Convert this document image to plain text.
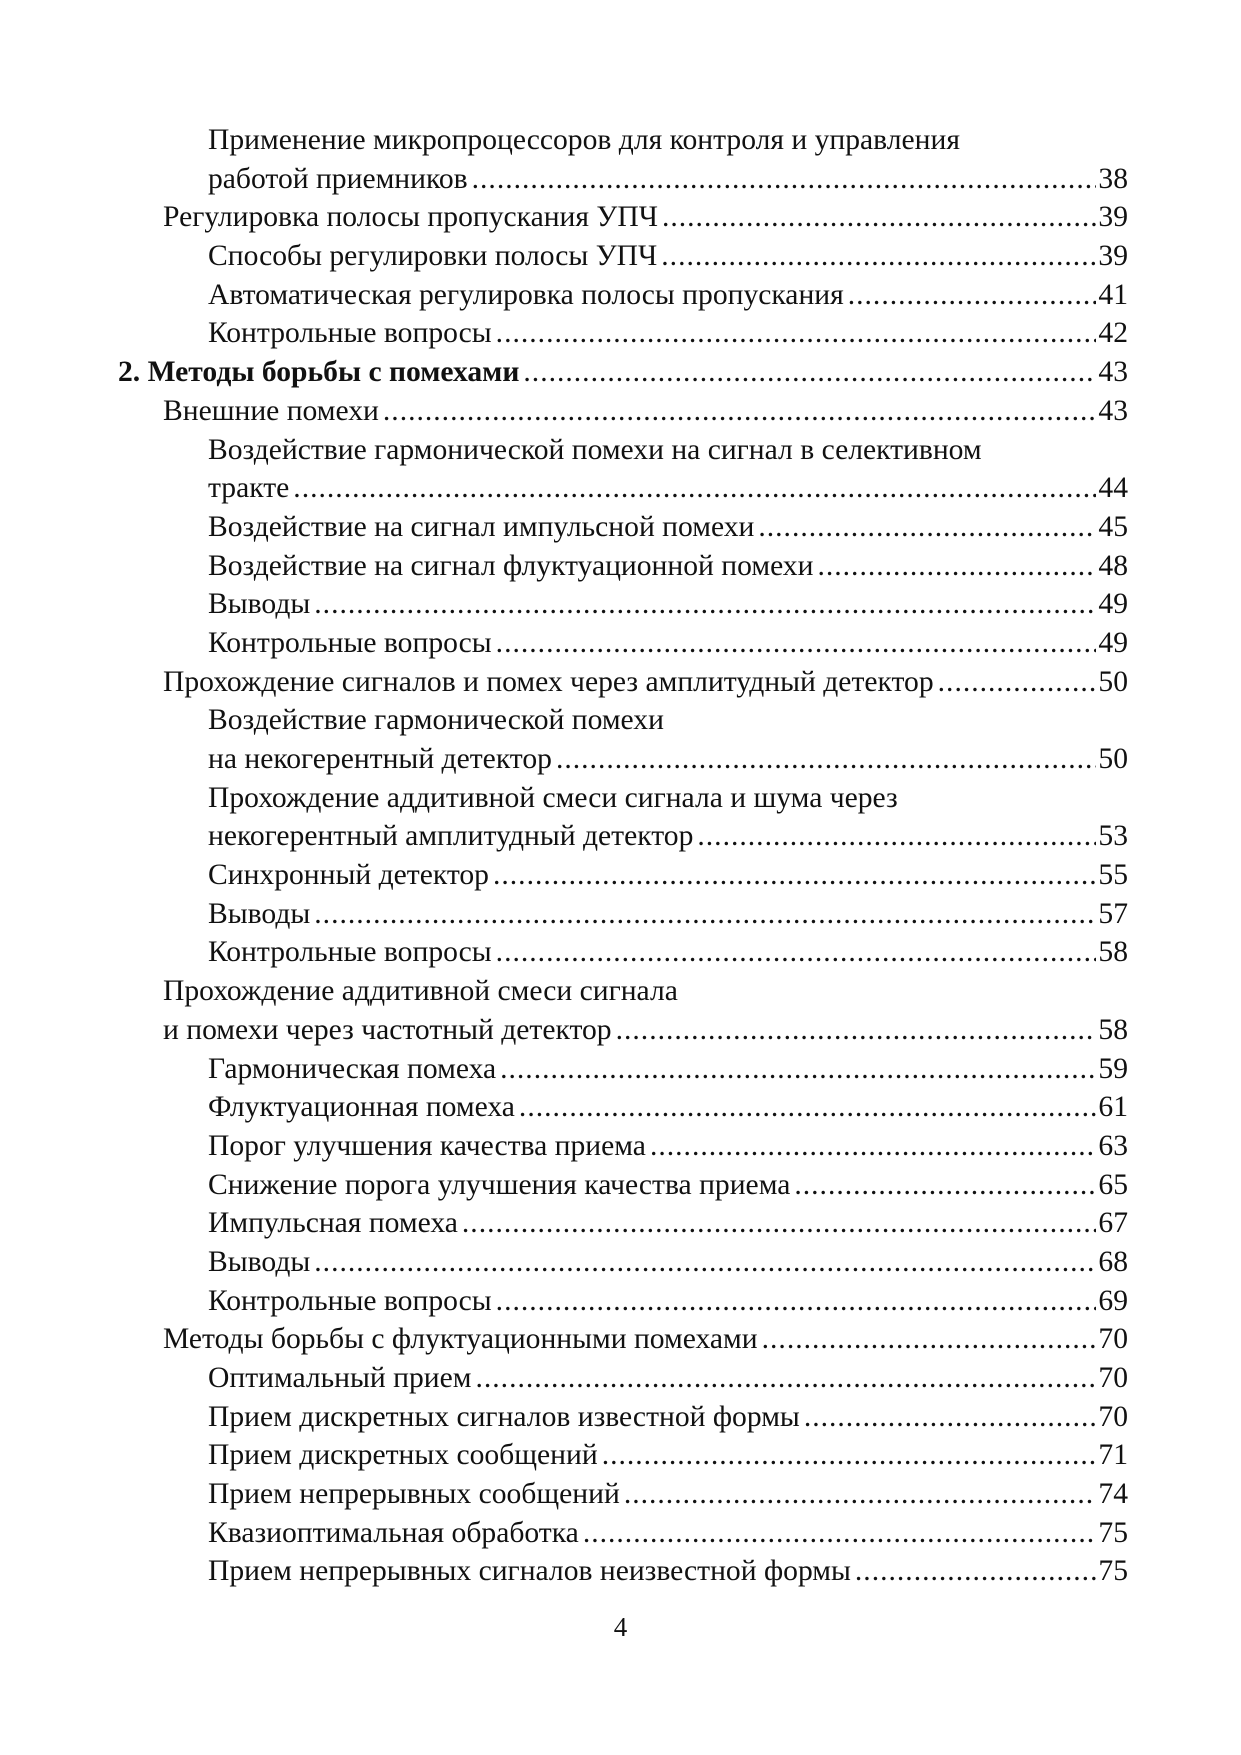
Применение микропроцессоров для контроля и управления
работой приемников .....	38
Регулировка полосы пропускания УПЧ .....	39
Способы регулировки полосы УПЧ .....	39
Автоматическая регулировка полосы пропускания .....	41
Контрольные вопросы .....	42
2. Методы борьбы с помехами .....	43
Внешние помехи .....	43
Воздействие гармонической помехи на сигнал в селективном
тракте .....	44
Воздействие на сигнал импульсной помехи .....	45
Воздействие на сигнал флуктуационной помехи .....	48
Выводы .....	49
Контрольные вопросы .....	49
Прохождение сигналов и помех через амплитудный детектор .....	50
Воздействие гармонической помехи
на некогерентный детектор .....	50
Прохождение аддитивной смеси сигнала и шума через
некогерентный амплитудный детектор .....	53
Синхронный детектор .....	55
Выводы .....	57
Контрольные вопросы .....	58
Прохождение аддитивной смеси сигнала
и помехи через частотный детектор .....	58
Гармоническая помеха .....	59
Флуктуационная помеха .....	61
Порог улучшения качества приема .....	63
Снижение порога улучшения качества приема .....	65
Импульсная помеха .....	67
Выводы .....	68
Контрольные вопросы .....	69
Методы борьбы с флуктуационными помехами .....	70
Оптимальный прием .....	70
Прием дискретных сигналов известной формы .....	70
Прием дискретных сообщений .....	71
Прием непрерывных сообщений .....	74
Квазиоптимальная обработка .....	75
Прием непрерывных сигналов неизвестной формы .....	75
4
